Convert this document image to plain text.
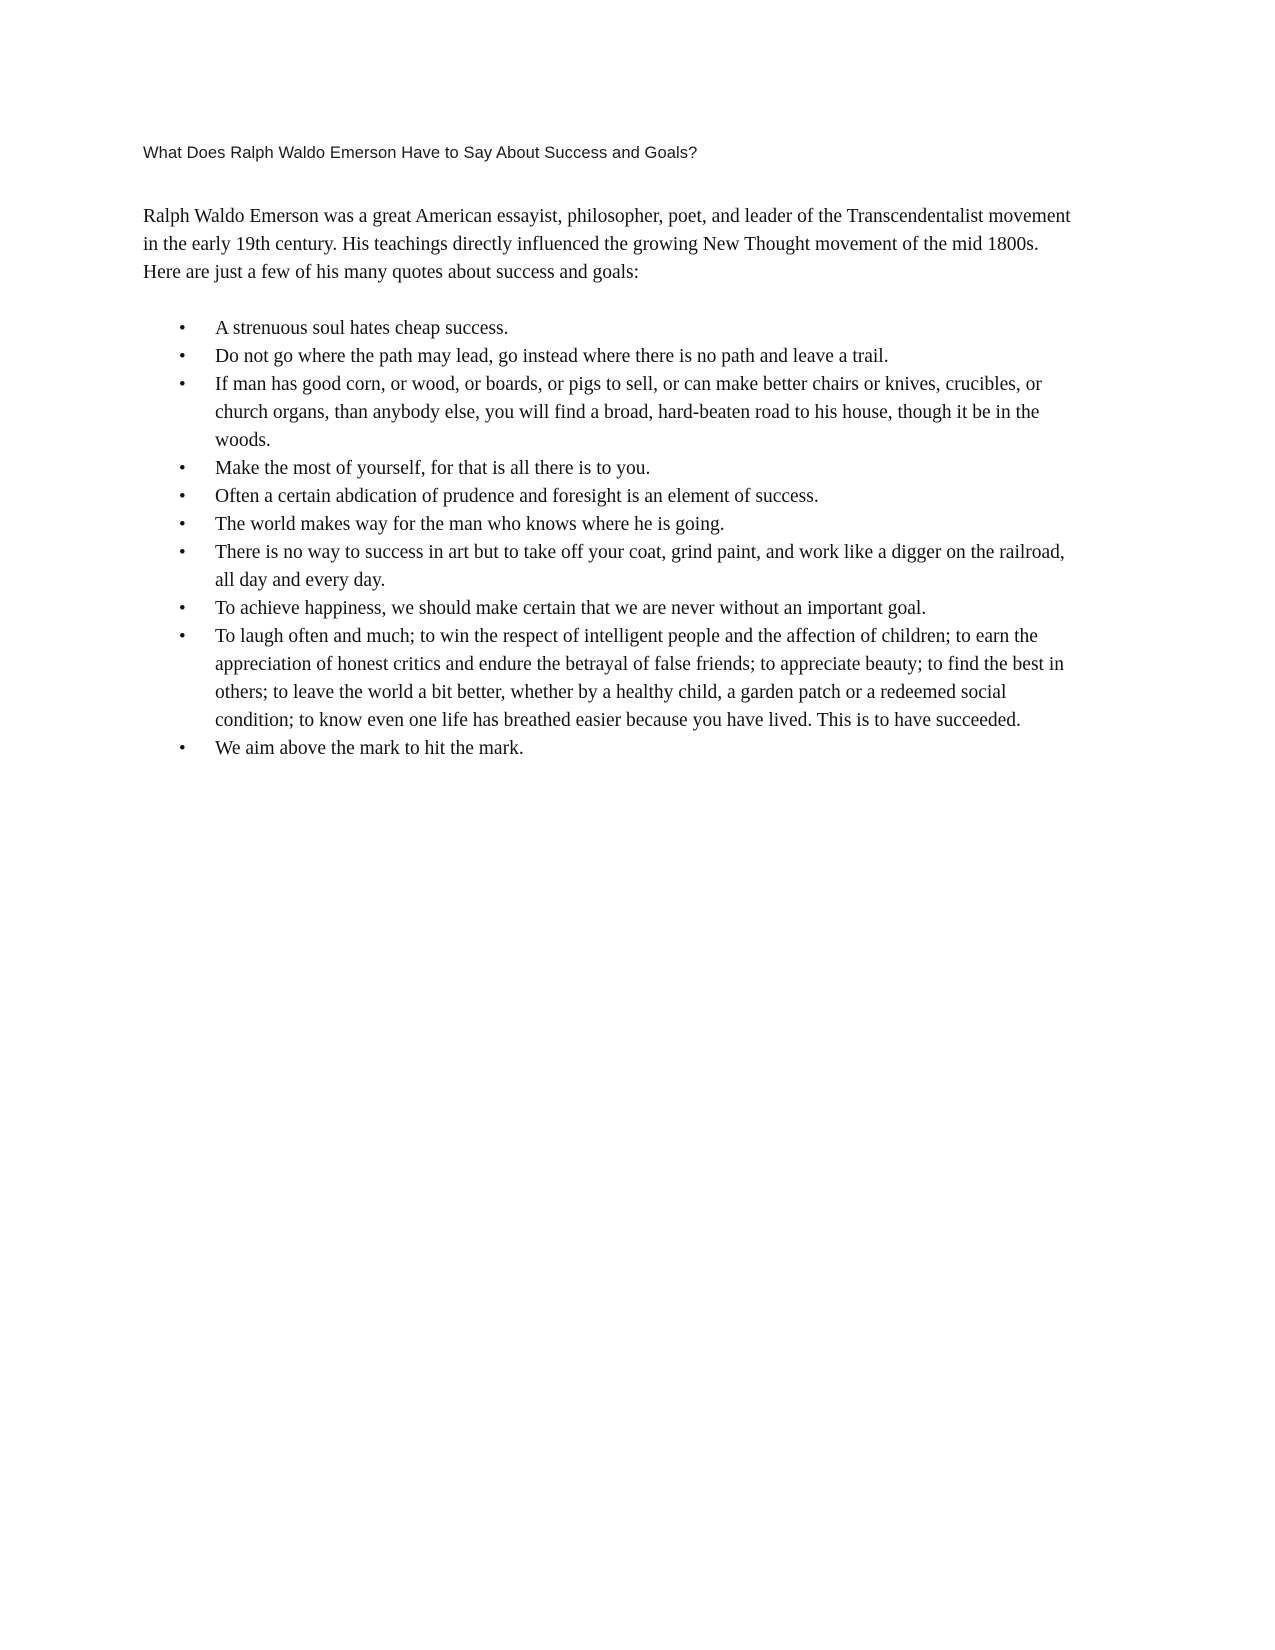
What Does Ralph Waldo Emerson Have to Say About Success and Goals?

Ralph Waldo Emerson was a great American essayist, philosopher, poet, and leader of the Transcendentalist movement in the early 19th century. His teachings directly influenced the growing New Thought movement of the mid 1800s. Here are just a few of his many quotes about success and goals:

• A strenuous soul hates cheap success.
• Do not go where the path may lead, go instead where there is no path and leave a trail.
• If man has good corn, or wood, or boards, or pigs to sell, or can make better chairs or knives, crucibles, or church organs, than anybody else, you will find a broad, hard-beaten road to his house, though it be in the woods.
• Make the most of yourself, for that is all there is to you.
• Often a certain abdication of prudence and foresight is an element of success.
• The world makes way for the man who knows where he is going.
• There is no way to success in art but to take off your coat, grind paint, and work like a digger on the railroad, all day and every day.
• To achieve happiness, we should make certain that we are never without an important goal.
• To laugh often and much; to win the respect of intelligent people and the affection of children; to earn the appreciation of honest critics and endure the betrayal of false friends; to appreciate beauty; to find the best in others; to leave the world a bit better, whether by a healthy child, a garden patch or a redeemed social condition; to know even one life has breathed easier because you have lived. This is to have succeeded.
• We aim above the mark to hit the mark.
